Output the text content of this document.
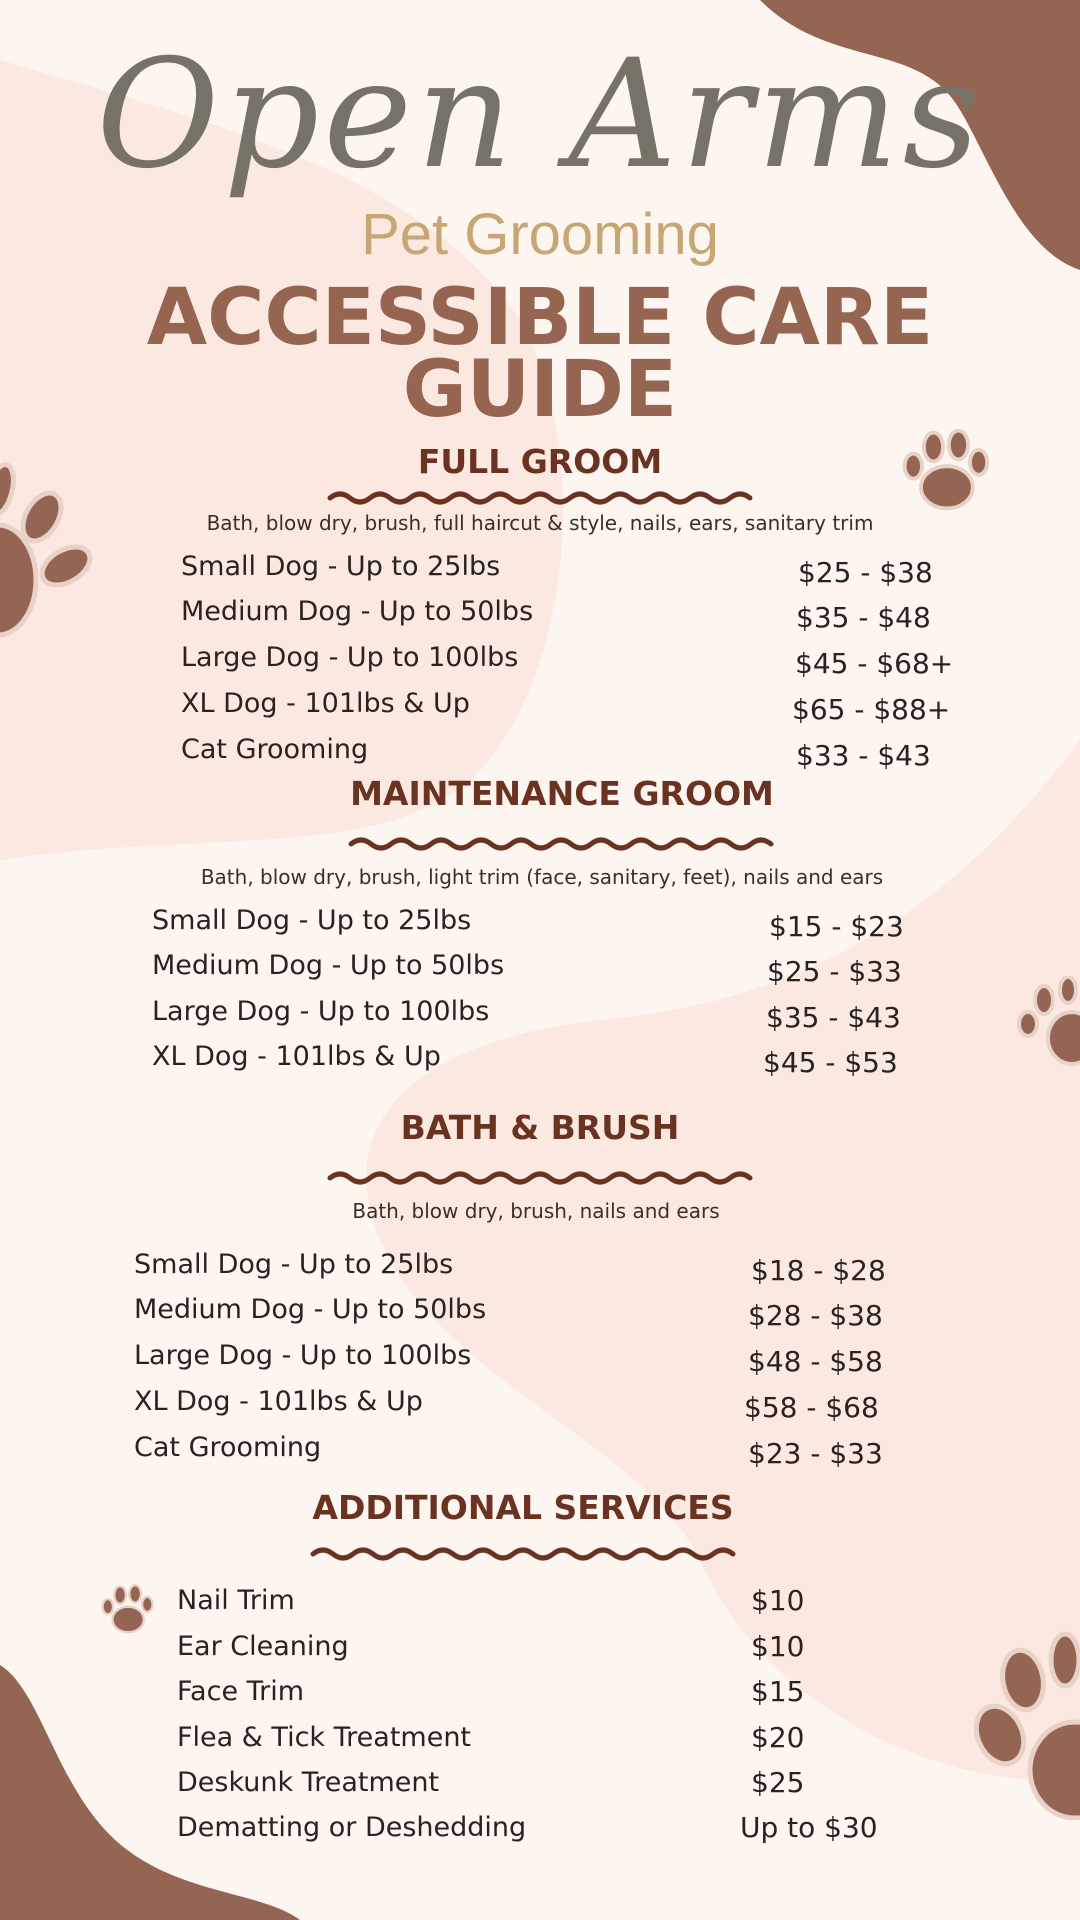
Open Arms
Pet Grooming
ACCESSIBLE CARE
GUIDE
FULL GROOM
Bath, blow dry, brush, full haircut & style, nails, ears, sanitary trim
Small Dog - Up to 25lbs	$25 - $38
Medium Dog - Up to 50lbs	$35 - $48
Large Dog - Up to 100lbs	$45 - $68+
XL Dog - 101lbs & Up	$65 - $88+
Cat Grooming	$33 - $43
MAINTENANCE GROOM
Bath, blow dry, brush, light trim (face, sanitary, feet), nails and ears
Small Dog - Up to 25lbs	$15 - $23
Medium Dog - Up to 50lbs	$25 - $33
Large Dog - Up to 100lbs	$35 - $43
XL Dog - 101lbs & Up	$45 - $53
BATH & BRUSH
Bath, blow dry, brush, nails and ears
Small Dog - Up to 25lbs	$18 - $28
Medium Dog - Up to 50lbs	$28 - $38
Large Dog - Up to 100lbs	$48 - $58
XL Dog - 101lbs & Up	$58 - $68
Cat Grooming	$23 - $33
ADDITIONAL SERVICES
Nail Trim	$10
Ear Cleaning	$10
Face Trim	$15
Flea & Tick Treatment	$20
Deskunk Treatment	$25
Dematting or Deshedding	Up to $30
